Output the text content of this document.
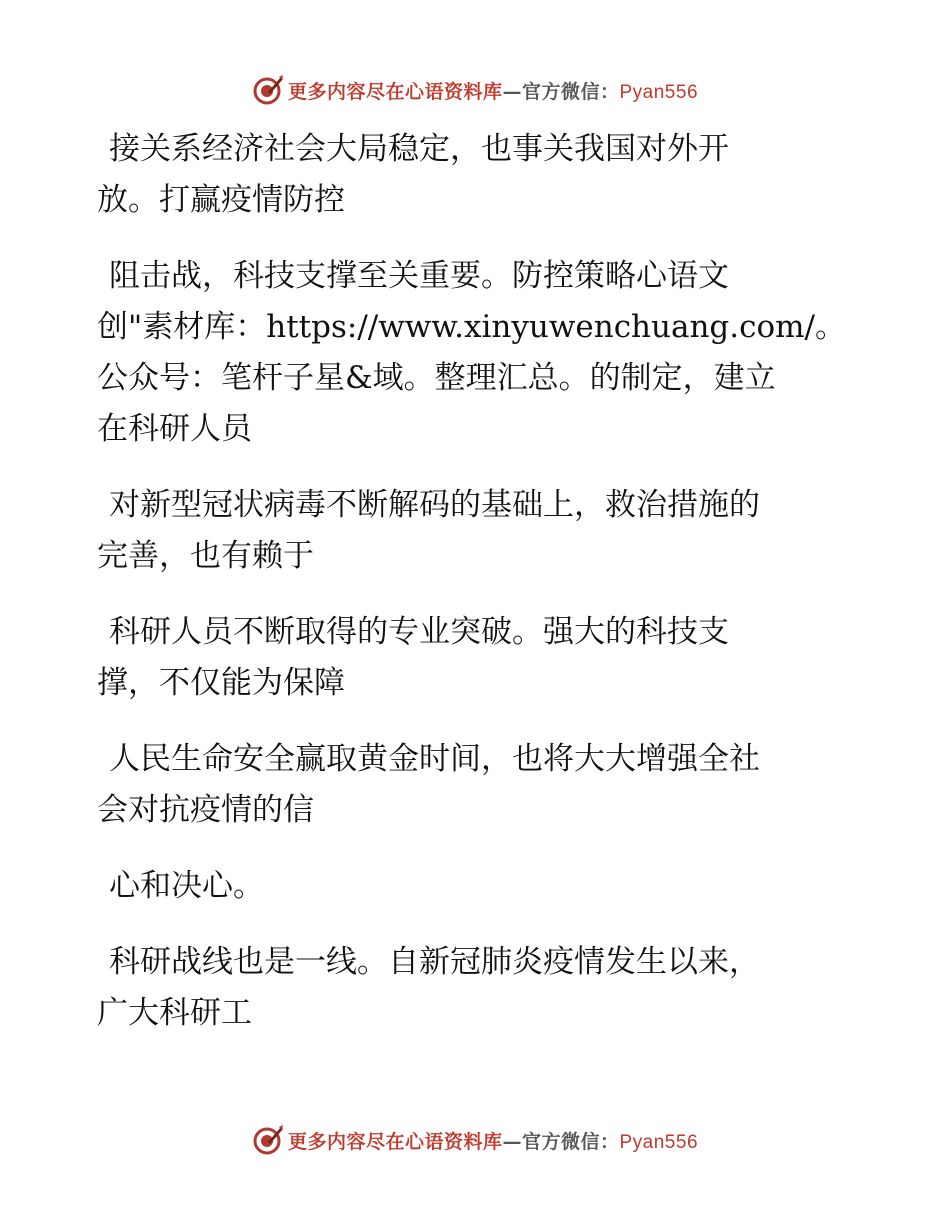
更多内容尽在心语资料库—官方微信：Pyan556

接关系经济社会大局稳定，也事关我国对外开
放。打赢疫情防控

阻击战，科技支撑至关重要。防控策略心语文
创"素材库：https://www.xinyuwenchuang.com/。
公众号：笔杆子星&域。整理汇总。的制定，建立
在科研人员

对新型冠状病毒不断解码的基础上，救治措施的
完善，也有赖于

科研人员不断取得的专业突破。强大的科技支
撑，不仅能为保障

人民生命安全赢取黄金时间，也将大大增强全社
会对抗疫情的信

心和决心。

科研战线也是一线。自新冠肺炎疫情发生以来，
广大科研工

更多内容尽在心语资料库—官方微信：Pyan556
